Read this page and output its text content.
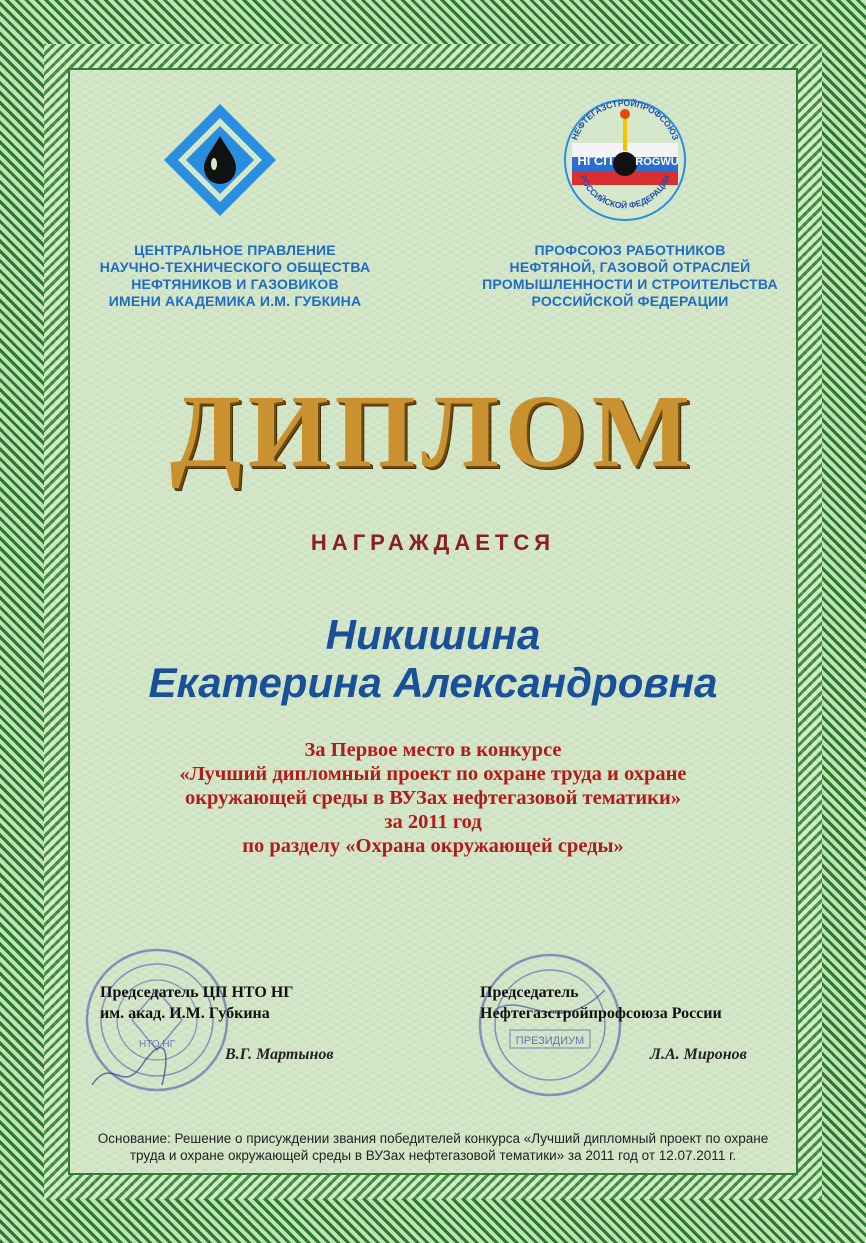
НГСП ROGWU
НЕФТЕГАЗСТРОЙПРОФСОЮЗ
РОССИЙСКОЙ ФЕДЕРАЦИИ
ЦЕНТРАЛЬНОЕ ПРАВЛЕНИЕ
НАУЧНО-ТЕХНИЧЕСКОГО ОБЩЕСТВА
НЕФТЯНИКОВ И ГАЗОВИКОВ
ИМЕНИ АКАДЕМИКА И.М. ГУБКИНА
ПРОФСОЮЗ РАБОТНИКОВ
НЕФТЯНОЙ, ГАЗОВОЙ ОТРАСЛЕЙ
ПРОМЫШЛЕННОСТИ И СТРОИТЕЛЬСТВА
РОССИЙСКОЙ ФЕДЕРАЦИИ
ДИПЛОМ
НАГРАЖДАЕТСЯ
Никишина
Екатерина Александровна
За Первое место в конкурсе
«Лучший дипломный проект по охране труда и охране
окружающей среды в ВУЗах нефтегазовой тематики»
за 2011 год
по разделу «Охрана окружающей среды»
НТО НГ	ПРЕЗИДИУМ
Председатель ЦП НТО НГ
им. акад. И.М. Губкина
В.Г. Мартынов
Председатель
Нефтегазстройпрофсоюза России
Л.А. Миронов
Основание: Решение о присуждении звания победителей конкурса «Лучший дипломный проект по охране
труда и охране окружающей среды в ВУЗах нефтегазовой тематики» за 2011 год от 12.07.2011 г.
